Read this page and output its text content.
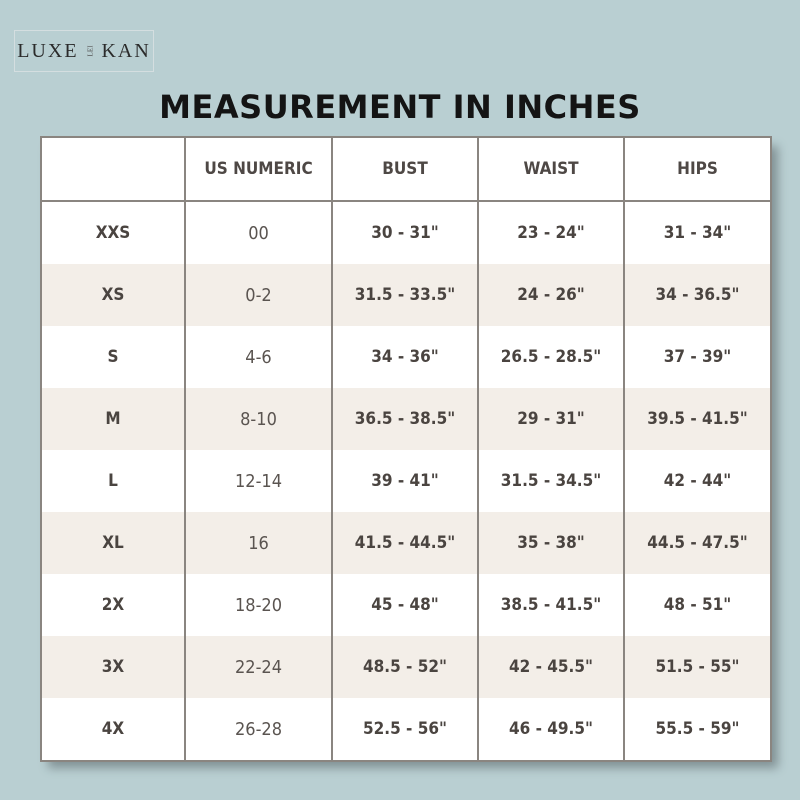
LUXE LEI KAN
MEASUREMENT IN INCHES
	US NUMERIC	BUST	WAIST	HIPS
XXS	00	30 - 31"	23 - 24"	31 - 34"
XS	0-2	31.5 - 33.5"	24 - 26"	34 - 36.5"
S	4-6	34 - 36"	26.5 - 28.5"	37 - 39"
M	8-10	36.5 - 38.5"	29 - 31"	39.5 - 41.5"
L	12-14	39 - 41"	31.5 - 34.5"	42 - 44"
XL	16	41.5 - 44.5"	35 - 38"	44.5 - 47.5"
2X	18-20	45 - 48"	38.5 - 41.5"	48 - 51"
3X	22-24	48.5 - 52"	42 - 45.5"	51.5 - 55"
4X	26-28	52.5 - 56"	46 - 49.5"	55.5 - 59"
